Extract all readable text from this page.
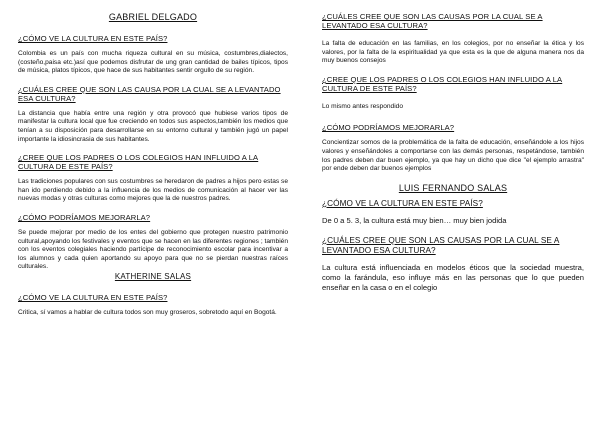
GABRIEL DELGADO

¿CÓMO VE LA CULTURA EN ESTE PAÍS?

Colombia es un país con mucha riqueza cultural en su música, costumbres,dialectos,(costeño,paisa etc.)así que podemos disfrutar de ung gran cantidad de bailes típicos, tipos de música, platos típicos, que hace de sus habitantes sentir orgullo de su región.

¿CUÁLES CREE QUE SON LAS CAUSA POR LA CUAL SE A LEVANTADO ESA CULTURA?

La distancia que había entre una región y otra provocó que hubiese varios tipos de manifestar la cultura local que fue creciendo en todos sus aspectos,también los medios que tenían a su disposición para desarrollarse en su entorno cultural y también jugó un papel importante la idiosincrasia de sus habitantes.

¿CREE QUE LOS PADRES O LOS COLEGIOS HAN INFLUIDO A LA CULTURA DE ESTE PAÍS?

Las tradiciones populares con sus costumbres se heredaron de padres a hijos pero estas se han ido perdiendo debido a la influencia de los medios de comunicación al hacer ver las nuevas modas y otras culturas como mejores que la de nuestros padres.

¿CÓMO PODRÍAMOS MEJORARLA?

Se puede mejorar por medio de los entes del gobierno que protegen nuestro patrimonio cultural,apoyando los festivales y eventos que se hacen en las diferentes regiones ; también con los eventos colegiales haciendo partícipe de reconocimiento escolar para incentivar a los alumnos y cada quien aportando su apoyo para que no se pierdan nuestras raíces culturales.

KATHERINE SALAS

¿CÓMO VE LA CULTURA EN ESTE PAÍS?

Critica, sí vamos a hablar de cultura todos son muy groseros, sobretodo aquí en Bogotá.

¿CUÁLES CREE QUE SON LAS CAUSAS POR LA CUAL SE A LEVANTADO ESA CULTURA?

La falta de educación en las familias, en los colegios, por no enseñar la ética y los valores, por la falta de la espiritualidad ya que esta es la que de alguna manera nos da muy buenos consejos

¿CREE QUE LOS PADRES O LOS COLEGIOS HAN INFLUIDO A LA CULTURA DE ESTE PAÍS?

Lo mismo antes respondido

¿CÓMO PODRÍAMOS MEJORARLA?

Concientizar somos de la problemática de la falta de educación, enseñándole a los hijos valores y enseñándoles a comportarse con las demás personas, respetándose, también los padres deben dar buen ejemplo, ya que hay un dicho que dice "el ejemplo arrastra" por ende deben dar buenos ejemplos

LUIS FERNANDO SALAS

¿CÓMO VE LA CULTURA EN ESTE PAÍS?

De 0 a 5. 3, la cultura está muy bien… muy bien jodida

¿CUÁLES CREE QUE SON LAS CAUSAS POR LA CUAL SE A LEVANTADO ESA CULTURA?

La cultura está influenciada en modelos éticos que la sociedad muestra, como la farándula, eso influye más en las personas que lo que pueden enseñar en la casa o en el colegio
